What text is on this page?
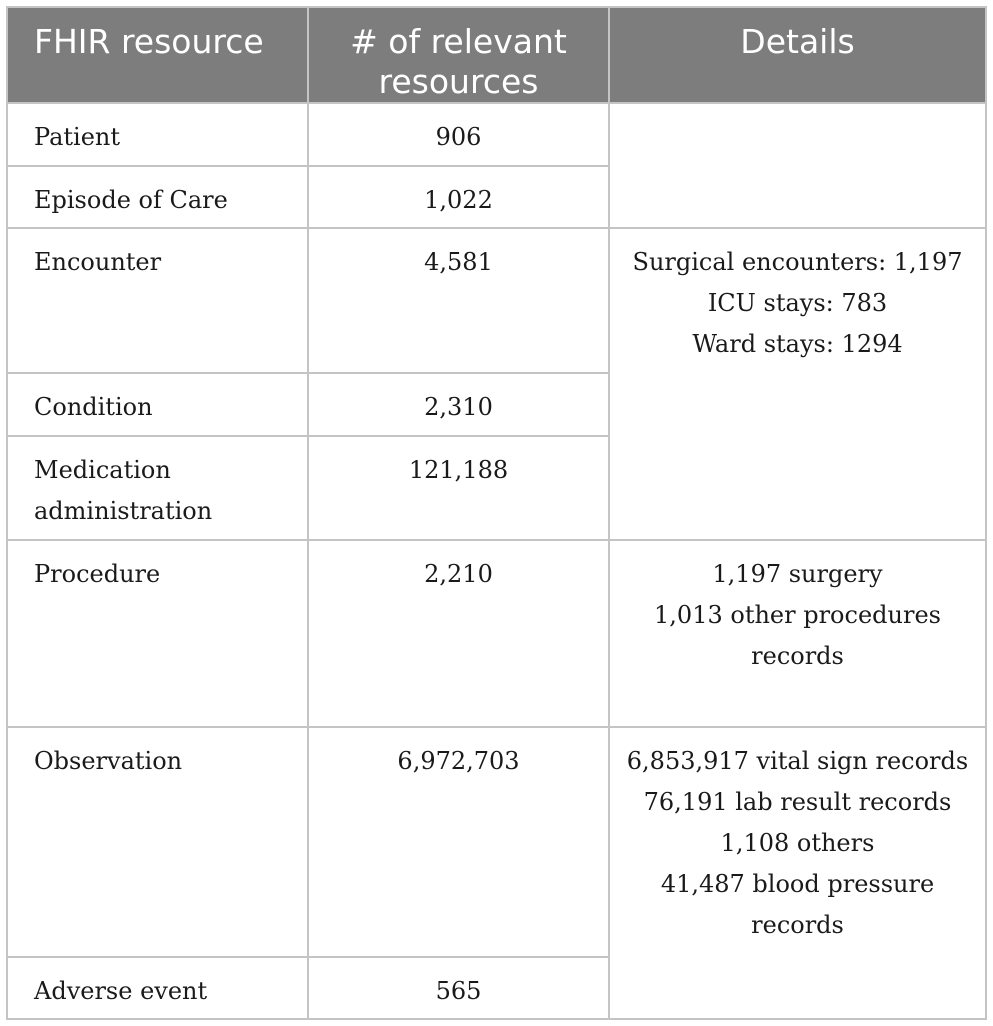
FHIR resource	# of relevant resources	Details
Patient	906	
Episode of Care	1,022	
Encounter	4,581	Surgical encounters: 1,197
ICU stays: 783
Ward stays: 1294

Condition	2,310	
Medication administration	121,188	
Procedure	2,210	1,197 surgery
1,013 other procedures
records

Observation	6,972,703	6,853,917 vital sign records
76,191 lab result records
1,108 others
41,487 blood pressure
records

Adverse event	565	
